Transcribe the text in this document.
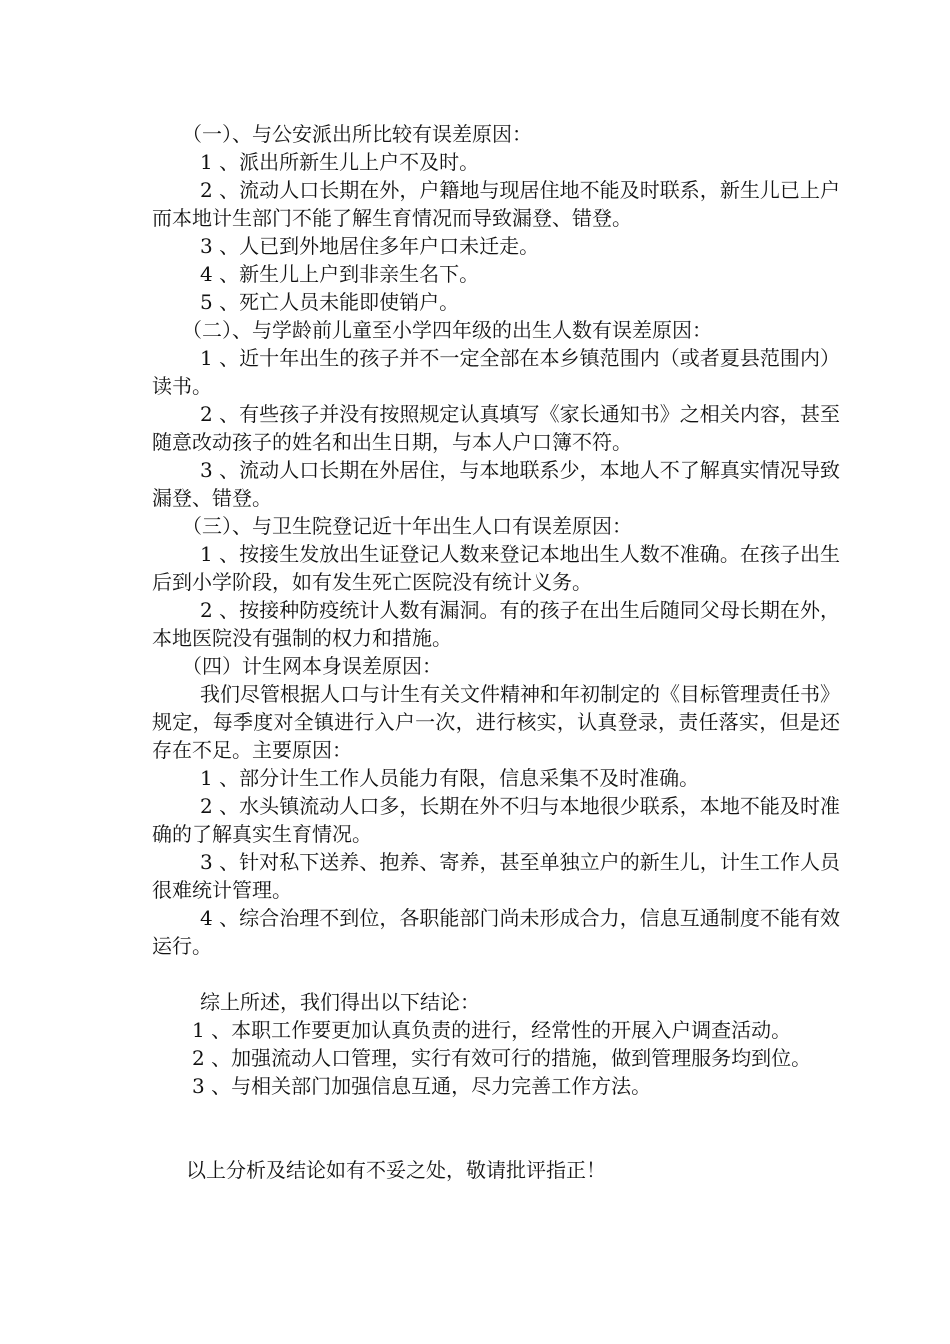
（一）、与公安派出所比较有误差原因：

1 、派出所新生儿上户不及时。

2 、流动人口长期在外，户籍地与现居住地不能及时联系，新生儿已上户而本地计生部门不能了解生育情况而导致漏登、错登。

3 、人已到外地居住多年户口未迁走。

4 、新生儿上户到非亲生名下。

5 、死亡人员未能即使销户。

（二）、与学龄前儿童至小学四年级的出生人数有误差原因：

1 、近十年出生的孩子并不一定全部在本乡镇范围内（或者夏县范围内）读书。

2 、有些孩子并没有按照规定认真填写《家长通知书》之相关内容，甚至随意改动孩子的姓名和出生日期，与本人户口簿不符。

3 、流动人口长期在外居住，与本地联系少，本地人不了解真实情况导致漏登、错登。

（三）、与卫生院登记近十年出生人口有误差原因：

1 、按接生发放出生证登记人数来登记本地出生人数不准确。在孩子出生后到小学阶段，如有发生死亡医院没有统计义务。

2 、按接种防疫统计人数有漏洞。有的孩子在出生后随同父母长期在外，本地医院没有强制的权力和措施。

（四）计生网本身误差原因：

我们尽管根据人口与计生有关文件精神和年初制定的《目标管理责任书》规定，每季度对全镇进行入户一次，进行核实，认真登录，责任落实，但是还存在不足。主要原因：

1 、部分计生工作人员能力有限，信息采集不及时准确。

2 、水头镇流动人口多，长期在外不归与本地很少联系，本地不能及时准确的了解真实生育情况。

3 、针对私下送养、抱养、寄养，甚至单独立户的新生儿，计生工作人员很难统计管理。

4 、综合治理不到位，各职能部门尚未形成合力，信息互通制度不能有效运行。

综上所述，我们得出以下结论：

1 、本职工作要更加认真负责的进行，经常性的开展入户调查活动。

2 、加强流动人口管理，实行有效可行的措施，做到管理服务均到位。

3 、与相关部门加强信息互通，尽力完善工作方法。

以上分析及结论如有不妥之处，敬请批评指正！
